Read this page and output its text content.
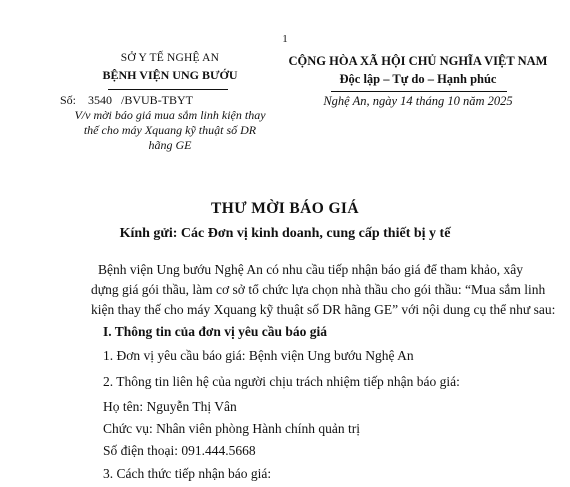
1
SỞ Y TẾ NGHỆ AN
BỆNH VIỆN UNG BƯỚU
Số: 3540 /BVUB-TBYT
V/v mời báo giá mua sắm linh kiện thay
thế cho máy Xquang kỹ thuật số DR
hãng GE
CỘNG HÒA XÃ HỘI CHỦ NGHĨA VIỆT NAM
Độc lập – Tự do – Hạnh phúc
Nghệ An, ngày 14 tháng 10 năm 2025
THƯ MỜI BÁO GIÁ
Kính gửi: Các Đơn vị kinh doanh, cung cấp thiết bị y tế
Bệnh viện Ung bướu Nghệ An có nhu cầu tiếp nhận báo giá để tham khảo, xây
dựng giá gói thầu, làm cơ sở tổ chức lựa chọn nhà thầu cho gói thầu: “Mua sắm linh
kiện thay thế cho máy Xquang kỹ thuật số DR hãng GE” với nội dung cụ thể như sau:
I. Thông tin của đơn vị yêu cầu báo giá
1. Đơn vị yêu cầu báo giá: Bệnh viện Ung bướu Nghệ An
2. Thông tin liên hệ của người chịu trách nhiệm tiếp nhận báo giá:
Họ tên: Nguyễn Thị Vân
Chức vụ: Nhân viên phòng Hành chính quản trị
Số điện thoại: 091.444.5668
3. Cách thức tiếp nhận báo giá:
